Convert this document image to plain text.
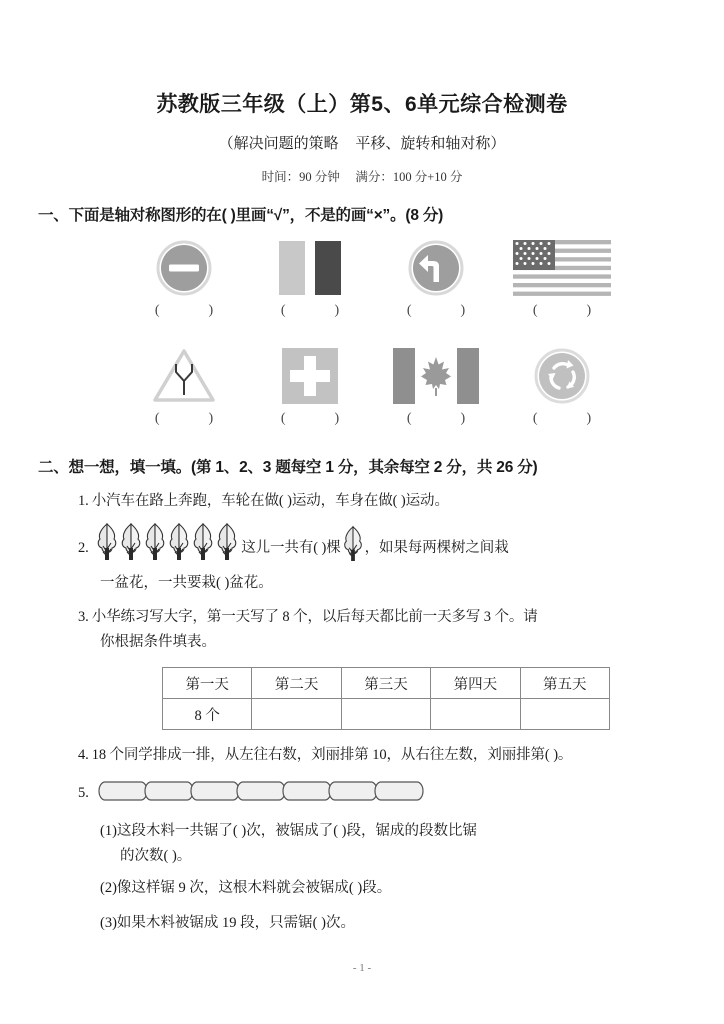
苏教版三年级（上）第5、6单元综合检测卷
（解决问题的策略    平移、旋转和轴对称）
时间：90 分钟     满分：100 分+10 分
一、下面是轴对称图形的在( )里画“√”，不是的画“×”。(8 分)
(              )	(              )	(              )	(              )
(              )	(              )	(              )	(              )
二、想一想，填一填。(第 1、2、3 题每空 1 分，其余每空 2 分，共 26 分)
1. 小汽车在路上奔跑，车轮在做( )运动，车身在做( )运动。
2.	这儿一共有( )棵 ，如果每两棵树之间栽
一盆花，一共要栽( )盆花。
3. 小华练习写大字，第一天写了 8 个，以后每天都比前一天多写 3 个。请
你根据条件填表。
第一天	第二天	第三天	第四天	第五天
8 个				
4. 18 个同学排成一排，从左往右数，刘丽排第 10，从右往左数，刘丽排第( )。
5.
(1)这段木料一共锯了( )次，被锯成了( )段，锯成的段数比锯
的次数( )。
(2)像这样锯 9 次，这根木料就会被锯成( )段。
(3)如果木料被锯成 19 段，只需锯( )次。
- 1 -
